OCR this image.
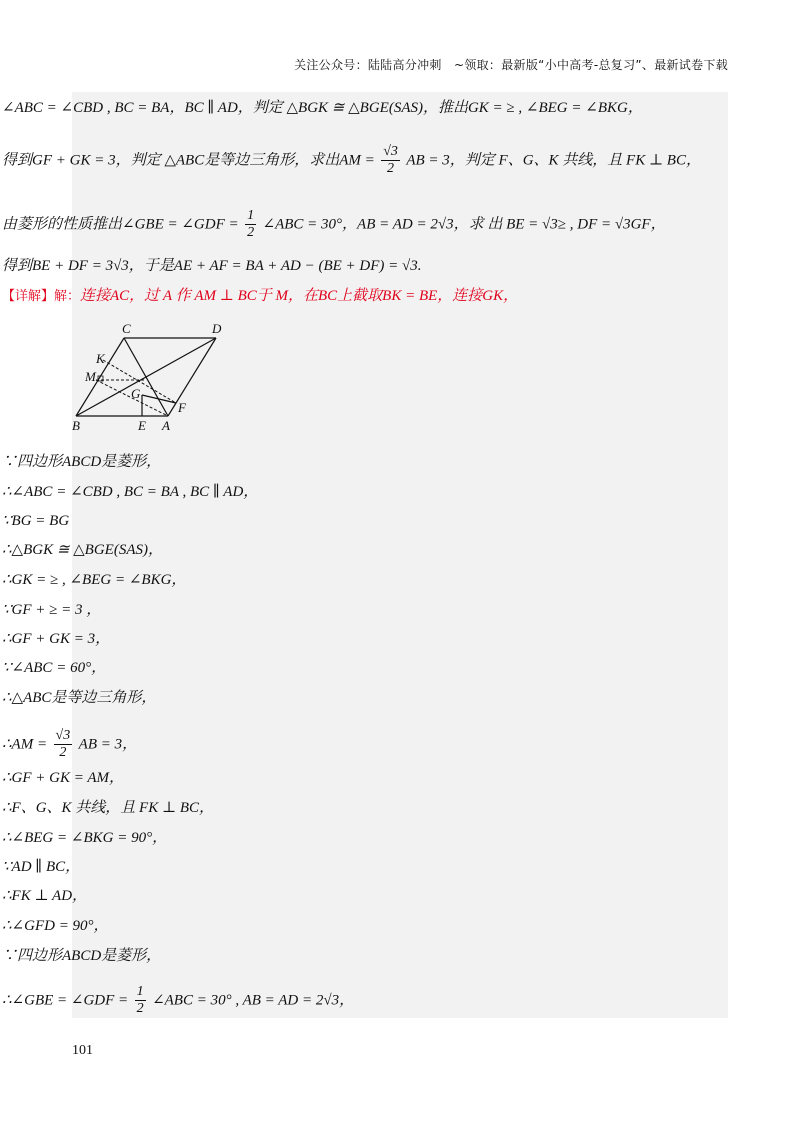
关注公众号：陆陆高分冲刺　~领取：最新版“小中高考-总复习”、最新试卷下载
∠ABC = ∠CBD , BC = BA，BC ∥ AD，判定 △BGK ≅ △BGE(SAS)，推出GK = ≥ , ∠BEG = ∠BKG，
得到GF + GK = 3，判定 △ABC是等边三角形，求出AM = $\frac{√3}{2}$ AB = 3，判定 F、G、K 共线，且 FK ⊥ BC，
由菱形的性质推出∠GBE = ∠GDF = $\frac{1}{2}$ ∠ABC = 30°，AB = AD = 2√3，求 出 BE = √3≥ , DF = √3GF，
得到BE + DF = 3√3，于是AE + AF = BA + AD − (BE + DF) = √3.
【详解】解：连接AC，过 A 作 AM ⊥ BC于 M，在BC上截取BK = BE，连接GK，
C	D
K
M
G
F
B	E A
∵四边形ABCD是菱形，
∴∠ABC = ∠CBD , BC = BA , BC ∥ AD，
∵BG = BG
∴△BGK ≅ △BGE(SAS)，
∴GK = ≥ , ∠BEG = ∠BKG，
∵GF + ≥ = 3 ，
∴GF + GK = 3，
∵∠ABC = 60°，
∴△ABC是等边三角形，
∴AM = $\frac{√3}{2}$ AB = 3，
∴GF + GK = AM，
∴F、G、K 共线，且 FK ⊥ BC，
∴∠BEG = ∠BKG = 90°，
∵AD ∥ BC，
∴FK ⊥ AD，
∴∠GFD = 90°，
∵四边形ABCD是菱形，
∴∠GBE = ∠GDF = $\frac{1}{2}$ ∠ABC = 30° , AB = AD = 2√3，
101
